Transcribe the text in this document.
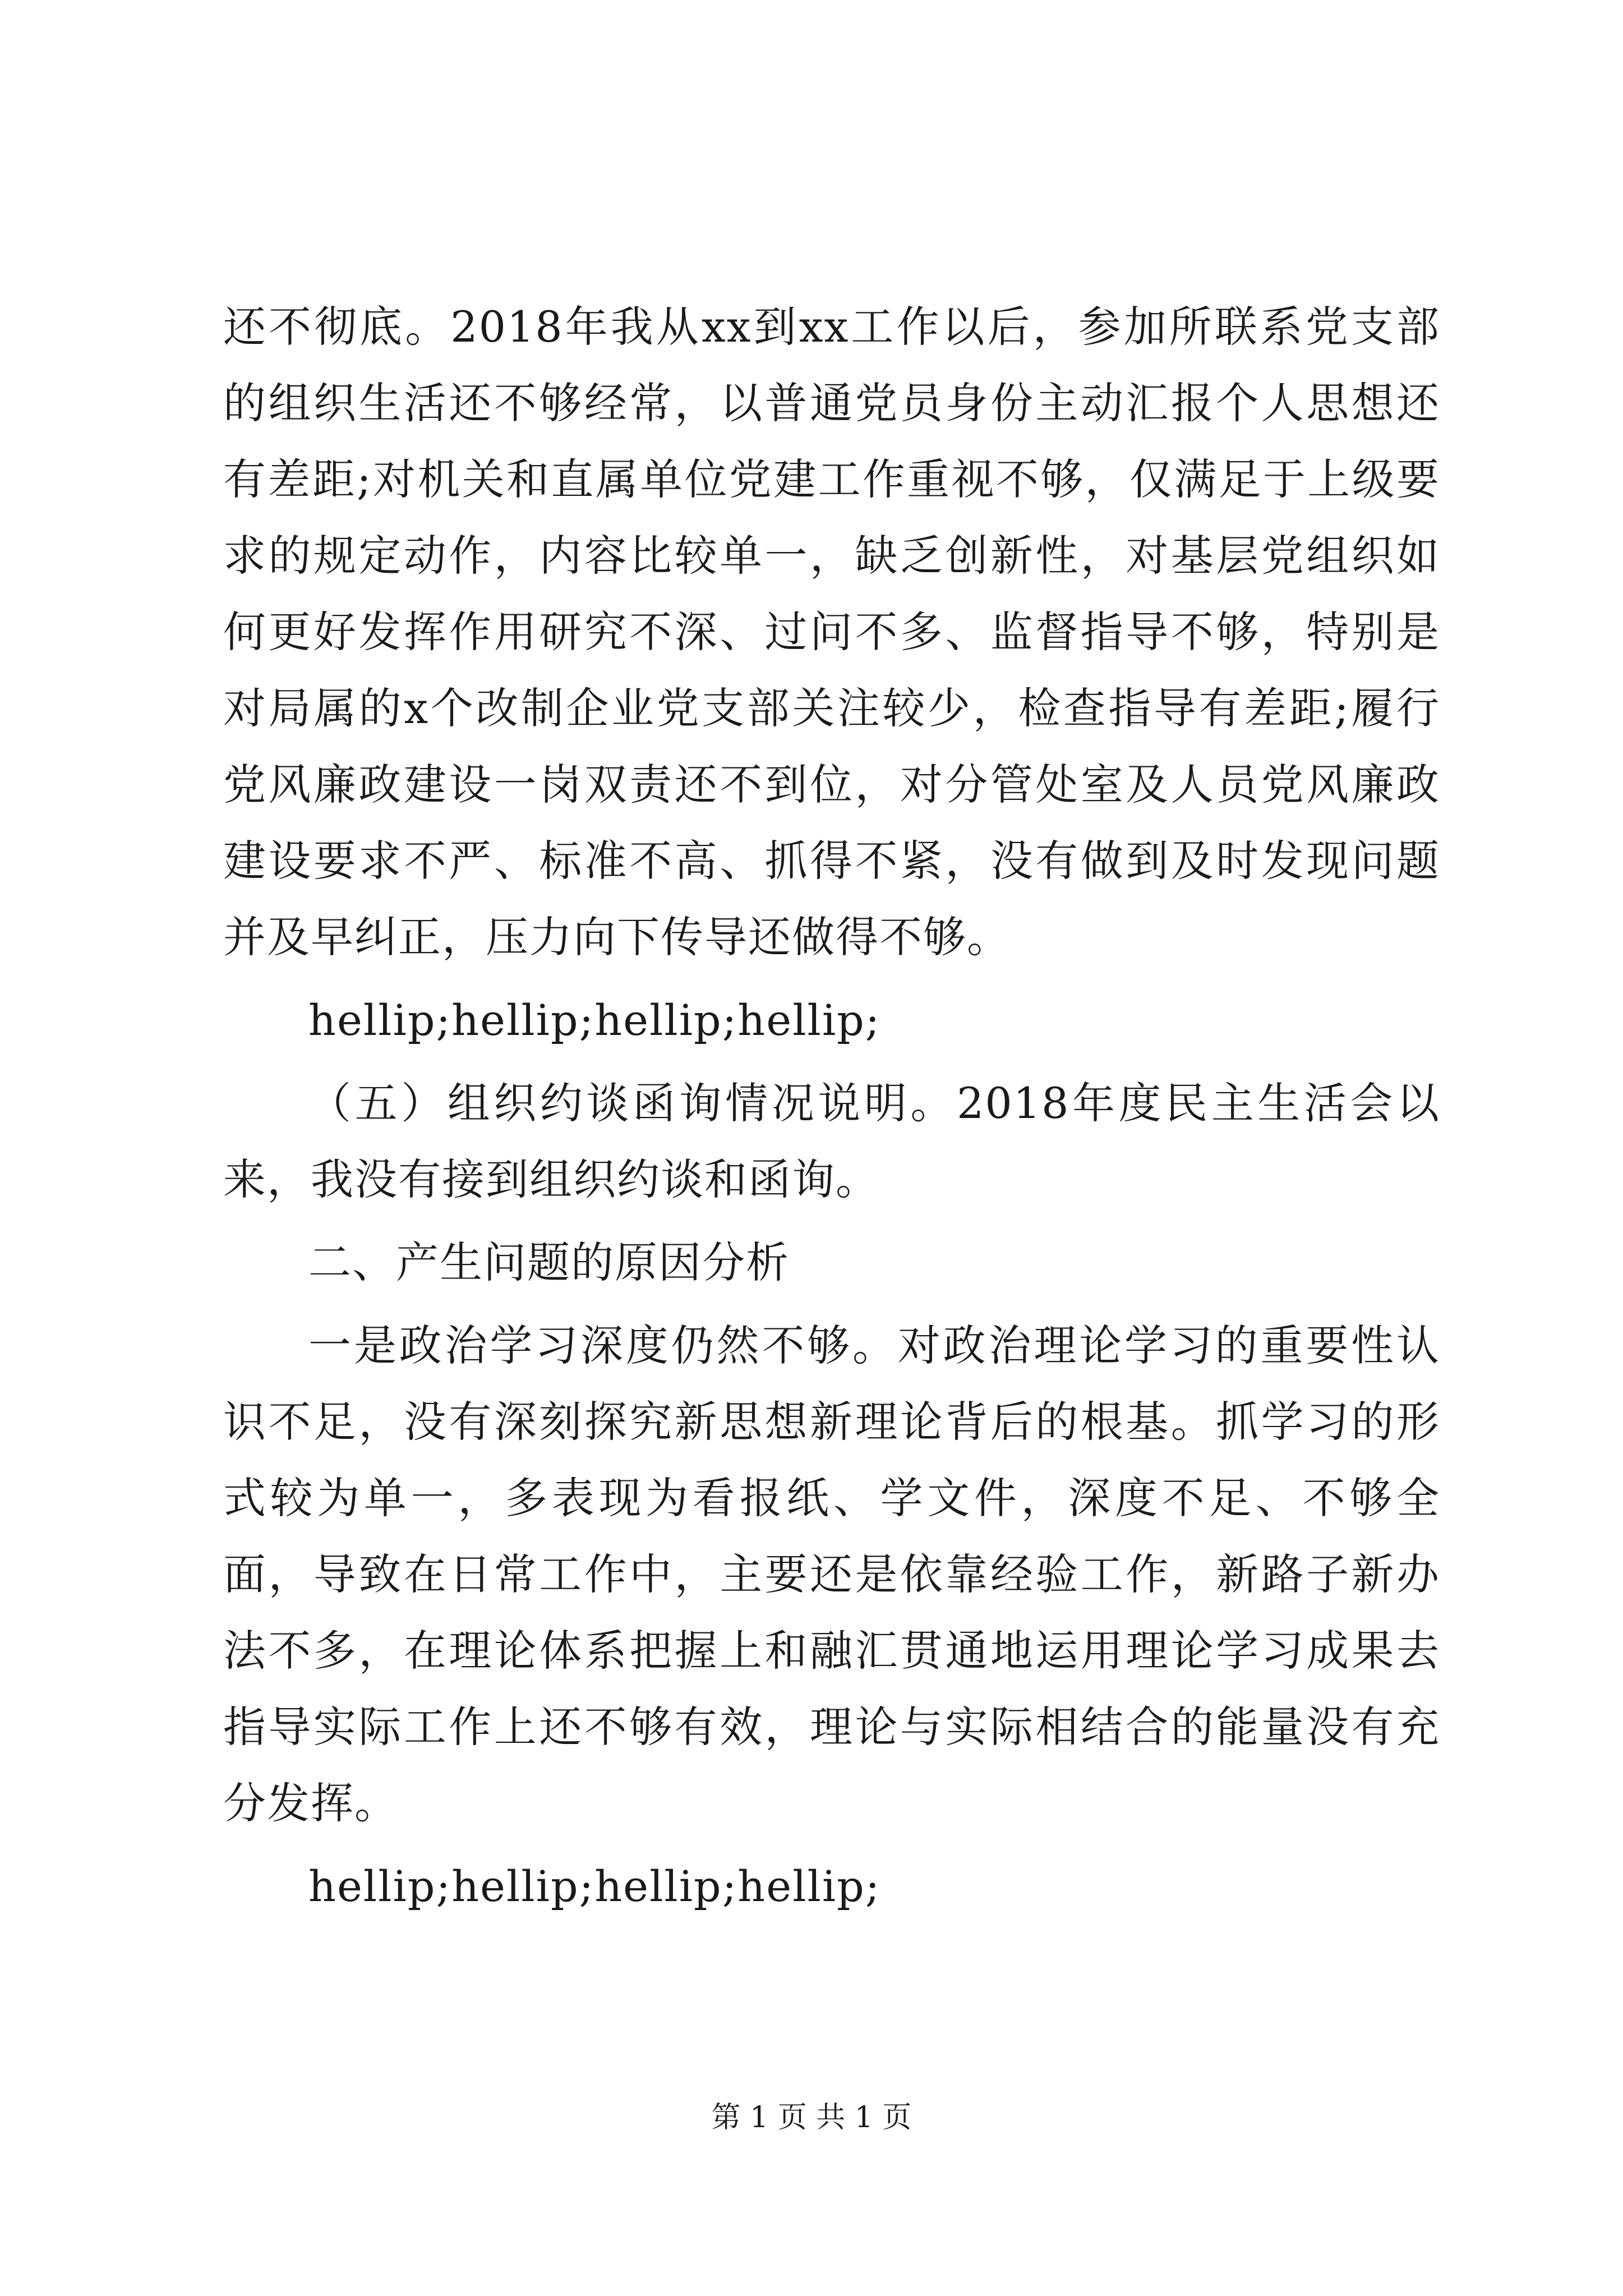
还不彻底。2018年我从xx到xx工作以后，参加所联系党支部的组织生活还不够经常，以普通党员身份主动汇报个人思想还有差距;对机关和直属单位党建工作重视不够，仅满足于上级要求的规定动作，内容比较单一，缺乏创新性，对基层党组织如何更好发挥作用研究不深、过问不多、监督指导不够，特别是对局属的x个改制企业党支部关注较少，检查指导有差距;履行党风廉政建设一岗双责还不到位，对分管处室及人员党风廉政建设要求不严、标准不高、抓得不紧，没有做到及时发现问题并及早纠正，压力向下传导还做得不够。

hellip;hellip;hellip;hellip;

（五）组织约谈函询情况说明。2018年度民主生活会以来，我没有接到组织约谈和函询。

二、产生问题的原因分析

一是政治学习深度仍然不够。对政治理论学习的重要性认识不足，没有深刻探究新思想新理论背后的根基。抓学习的形式较为单一，多表现为看报纸、学文件，深度不足、不够全面，导致在日常工作中，主要还是依靠经验工作，新路子新办法不多，在理论体系把握上和融汇贯通地运用理论学习成果去指导实际工作上还不够有效，理论与实际相结合的能量没有充分发挥。

hellip;hellip;hellip;hellip;

第 1 页 共 1 页
